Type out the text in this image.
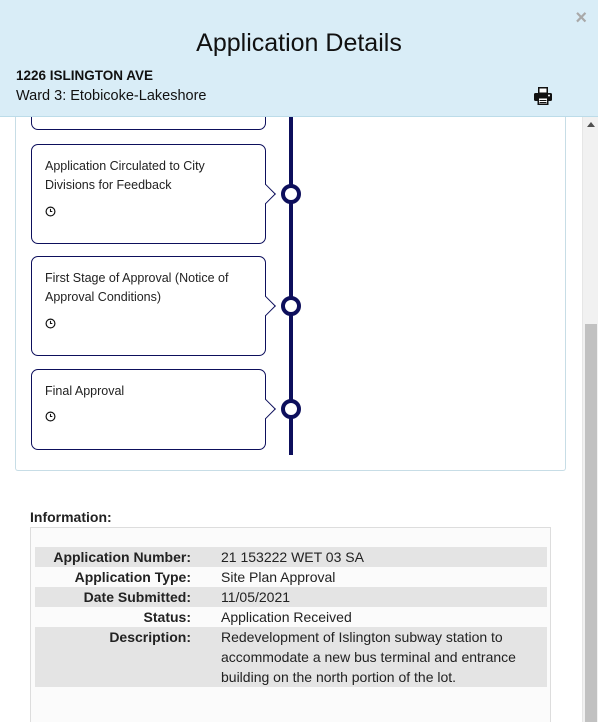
×
Application Details
1226 ISLINGTON AVE
Ward 3: Etobicoke-Lakeshore
Application Circulated to City Divisions for Feedback
First Stage of Approval (Notice of Approval Conditions)
Final Approval
Information:
Application Number:		21 153222 WET 03 SA
Application Type:		Site Plan Approval
Date Submitted:		11/05/2021
Status:		Application Received
Description:		Redevelopment of Islington subway station to accommodate a new bus terminal and entrance building on the north portion of the lot.
